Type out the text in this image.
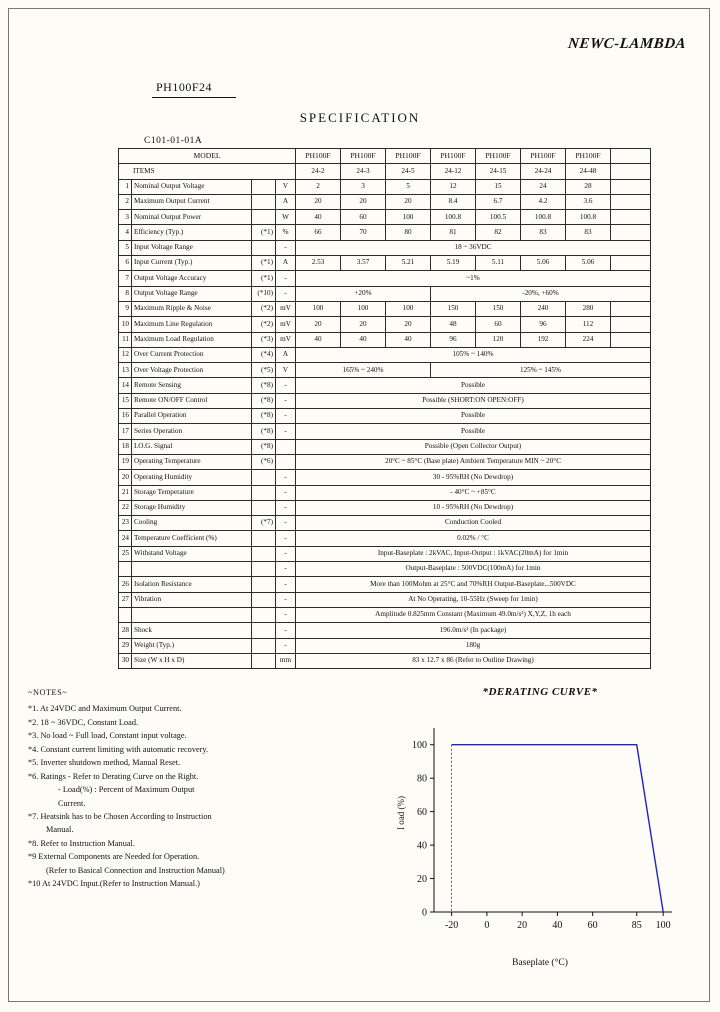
NEWC-LAMBDA
PH100F24
SPECIFICATION
C101-01-01A
MODEL				PH100F	PH100F	PH100F	PH100F	PH100F	PH100F	PH100F	
ITEMS				24-2	24-3	24-5	24-12	24-15	24-24	24-48	
1	Nominal Output Voltage		V	2	3	5	12	15	24	28	
2	Maximum Output Current		A	20	20	20	8.4	6.7	4.2	3.6	
3	Nominal Output Power		W	40	60	100	100.8	100.5	100.8	100.8	
4	Efficiency (Typ.)	(*1)	%	66	70	80	81	82	83	83	
5	Input Voltage Range		-	18 ~ 36VDC							
6	Input Current (Typ.)	(*1)	A	2.53	3.57	5.21	5.19	5.11	5.06	5.06	
7	Output Voltage Accuracy	(*1)	-	~1%							
8	Output Voltage Range	(*10)	-	+20%			-20%, +60%				
9	Maximum Ripple & Noise	(*2)	mV	100	100	100	150	150	240	280	
10	Maximum Line Regulation	(*2)	mV	20	20	20	48	60	96	112	
11	Maximum Load Regulation	(*3)	mV	40	40	40	96	120	192	224	
12	Over Current Protection	(*4)	A	105% ~ 140%							
13	Over Voltage Protection	(*5)	V	165% ~ 240%			125% ~ 145%				
14	Remote Sensing	(*8)	-	Possible							
15	Remote ON/OFF Control	(*8)	-	Possible (SHORT:ON OPEN:OFF)							
16	Parallel Operation	(*8)	-	Possible							
17	Series Operation	(*8)	-	Possible							
18	I.O.G. Signal	(*8)		Possible (Open Collector Output)							
19	Operating Temperature	(*6)		20°C ~ 85°C (Base plate) Ambient Temperature MIN ~ 20°C							
20	Operating Humidity		-	30 - 95%RH (No Dewdrop)							
21	Storage Temperature		-	- 40°C ~ +85°C							
22	Storage Humidity		-	10 - 95%RH (No Dewdrop)							
23	Cooling	(*7)	-	Conduction Cooled							
24	Temperature Coefficient (%)		-	0.02% / °C							
25	Withstand Voltage		-	Input-Baseplate : 2kVAC, Input-Output : 1kVAC(20mA) for 1min							
			-	Output-Baseplate : 500VDC(100mA) for 1min							
26	Isolation Resistance		-	More than 100Mohm at 25°C and 70%RH Output-Baseplate...500VDC							
27	Vibration		-	At No Operating, 10-55Hz (Sweep for 1min)							
			-	Amplitude 0.825mm Constant (Maximum 49.0m/s²) X,Y,Z, 1h each							
28	Shock		-	196.0m/s² (In package)							
29	Weight (Typ.)		-	180g							
30	Size (W x H x D)		mm	83 x 12.7 x 86 (Refer to Outline Drawing)							
~NOTES~
*1. At 24VDC and Maximum Output Current.
*2. 18 ~ 36VDC, Constant Load.
*3. No load ~ Full load, Constant input voltage.
*4. Constant current limiting with automatic recovery.
*5. Inverter shutdown method, Manual Reset.
*6. Ratings - Refer to Derating Curve on the Right.
- Load(%) : Percent of Maximum Output
Current.
*7. Heatsink has to be Chosen According to Instruction
Manual.
*8. Refer to Instruction Manual.
*9 External Components are Needed for Operation.
(Refer to Basical Connection and Instruction Manual)
*10 At 24VDC Input.(Refer to Instruction Manual.)
*DERATING CURVE*
I oad (%)
0
20
40
60
80
100
-20	0	20	40	60	85 100
Baseplate (°C)
